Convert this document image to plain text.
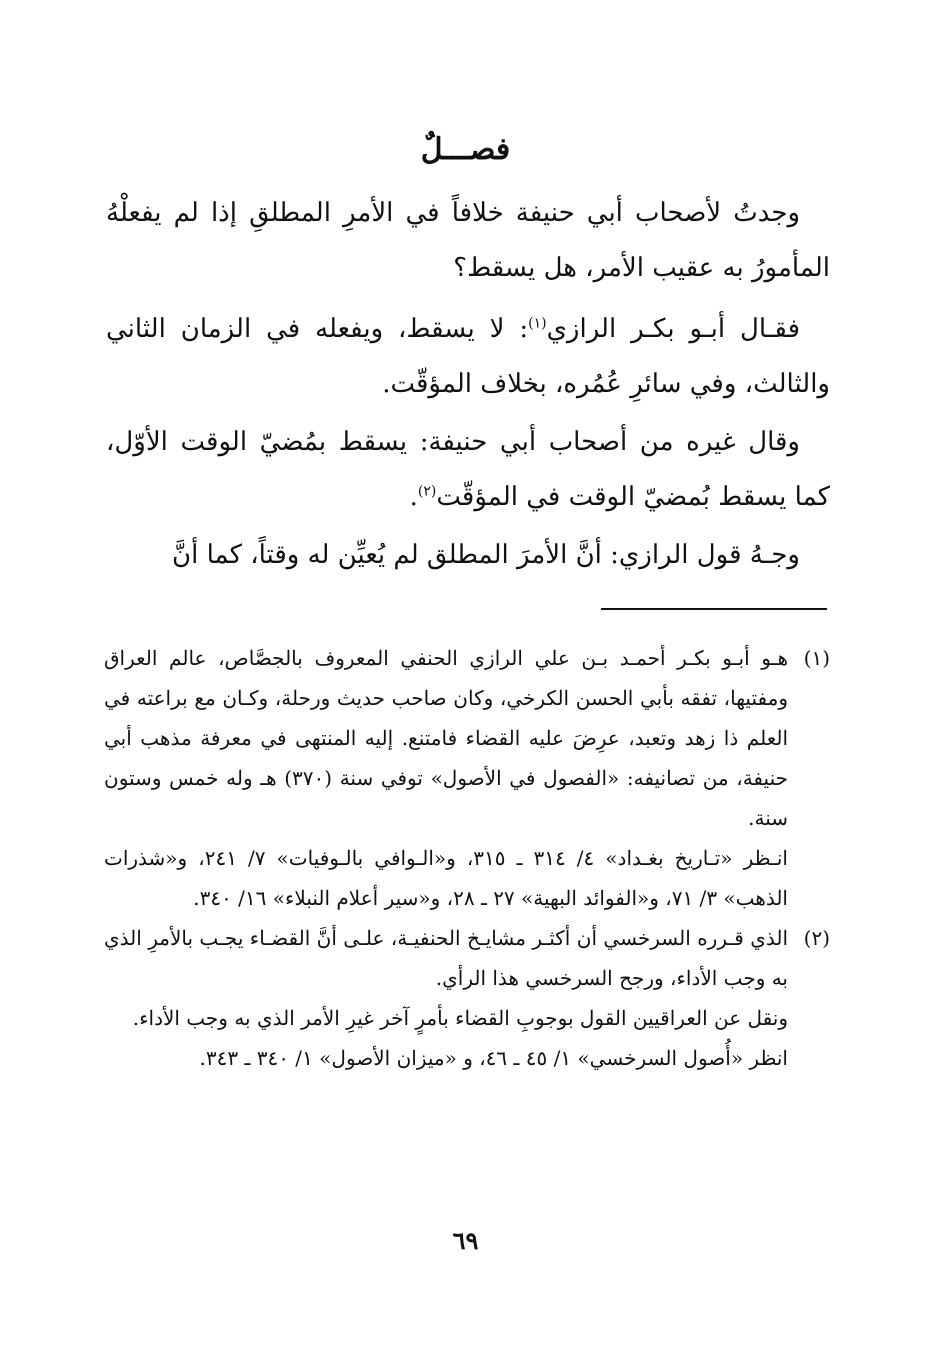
فصـــلٌ

وجدتُ لأصحاب أبي حنيفة خلافاً في الأمرِ المطلقِ إذا لم يفعلْهُ المأمورُ به عقيب الأمر، هل يسقط؟

فقـال أبـو بكـر الرازي$^{(١)}$: لا يسقط، ويفعله في الزمان الثاني والثالث، وفي سائرِ عُمُره، بخلاف المؤقّت.

وقال غيره من أصحاب أبي حنيفة: يسقط بمُضيّ الوقت الأوّل، كما يسقط بُمضيّ الوقت في المؤقّت$^{(٢)}$.

وجـهُ قول الرازي: أنَّ الأمرَ المطلق لم يُعيِّن له وقتاً، كما أنَّ

(١)

هـو أبـو بكـر أحمـد بـن علي الرازي الحنفي المعروف بالجصَّاص، عالم العراق ومفتيها، تفقه بأبي الحسن الكرخي، وكان صاحب حديث ورحلة، وكـان مع براعته في العلم ذا زهد وتعبد، عرِضَ عليه القضاء فامتنع. إليه المنتهى في معرفة مذهب أبي حنيفة، من تصانيفه: «الفصول في الأصول» توفي سنة (٣٧٠) هـ وله خمس وستون سنة.

انـظر «تـاريخ بغـداد» ٤/ ٣١٤ ـ ٣١٥، و«الـوافي بالـوفيات» ٧/ ٢٤١، و«شذرات الذهب» ٣/ ٧١، و«الفوائد البهية» ٢٧ ـ ٢٨، و«سير أعلام النبلاء» ١٦/ ٣٤٠.

(٢)

الذي قـرره السرخسي أن أكثـر مشايـخ الحنفيـة، علـى أنَّ القضـاء يجـب بالأمرِ الذي به وجب الأداء، ورجح السرخسي هذا الرأي.

ونقل عن العراقيين القول بوجوبِ القضاء بأمرٍ آخر غيرِ الأمر الذي به وجب الأداء.

انظر «أُصول السرخسي» ١/ ٤٥ ـ ٤٦، و «ميزان الأصول» ١/ ٣٤٠ ـ ٣٤٣.

٦٩
